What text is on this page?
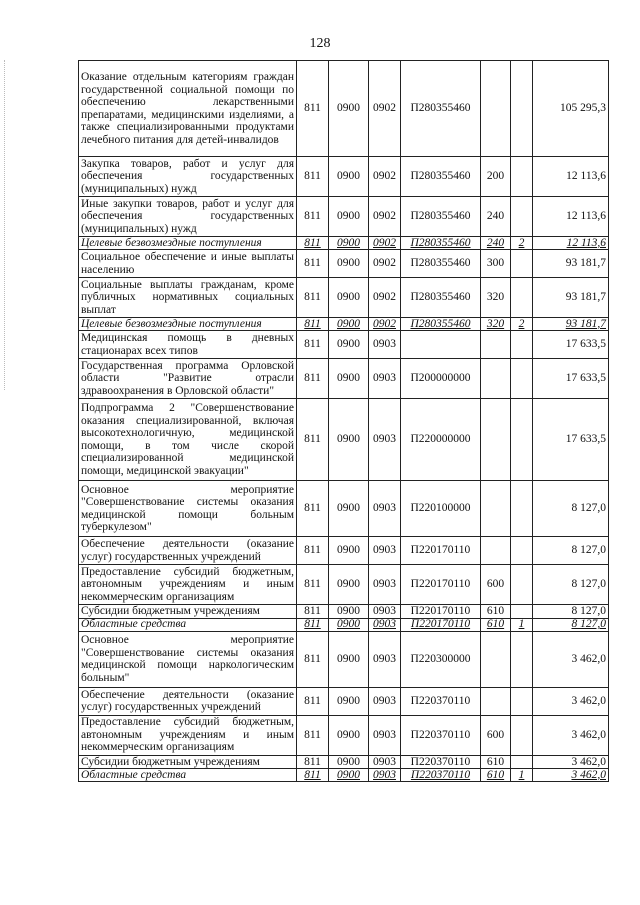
128
Оказание отдельным категориям граждан государственной социальной помощи по обеспечению лекарственными препаратами, медицинскими изделиями, а также специализированными продуктами лечебного питания для детей-инвалидов	811	0900	0902	П280355460			105 295,3
Закупка товаров, работ и услуг для обеспечения государственных (муниципальных) нужд	811	0900	0902	П280355460	200		12 113,6
Иные закупки товаров, работ и услуг для обеспечения государственных (муниципальных) нужд	811	0900	0902	П280355460	240		12 113,6
Целевые безвозмездные поступления	811	0900	0902	П280355460	240	2	12 113,6
Социальное обеспечение и иные выплаты населению	811	0900	0902	П280355460	300		93 181,7
Социальные выплаты гражданам, кроме публичных нормативных социальных выплат	811	0900	0902	П280355460	320		93 181,7
Целевые безвозмездные поступления	811	0900	0902	П280355460	320	2	93 181,7
Медицинская помощь в дневных стационарах всех типов	811	0900	0903				17 633,5
Государственная программа Орловской области "Развитие отрасли здравоохранения в Орловской области"	811	0900	0903	П200000000			17 633,5
Подпрограмма 2 "Совершенствование оказания специализированной, включая высокотехнологичную, медицинской помощи, в том числе скорой специализированной медицинской помощи, медицинской эвакуации"	811	0900	0903	П220000000			17 633,5
Основное мероприятие "Совершенствование системы оказания медицинской помощи больным туберкулезом"	811	0900	0903	П220100000			8 127,0
Обеспечение деятельности (оказание услуг) государственных учреждений	811	0900	0903	П220170110			8 127,0
Предоставление субсидий бюджетным, автономным учреждениям и иным некоммерческим организациям	811	0900	0903	П220170110	600		8 127,0
Субсидии бюджетным учреждениям	811	0900	0903	П220170110	610		8 127,0
Областные средства	811	0900	0903	П220170110	610	1	8 127,0
Основное мероприятие "Совершенствование системы оказания медицинской помощи наркологическим больным"	811	0900	0903	П220300000			3 462,0
Обеспечение деятельности (оказание услуг) государственных учреждений	811	0900	0903	П220370110			3 462,0
Предоставление субсидий бюджетным, автономным учреждениям и иным некоммерческим организациям	811	0900	0903	П220370110	600		3 462,0
Субсидии бюджетным учреждениям	811	0900	0903	П220370110	610		3 462,0
Областные средства	811	0900	0903	П220370110	610	1	3 462,0
